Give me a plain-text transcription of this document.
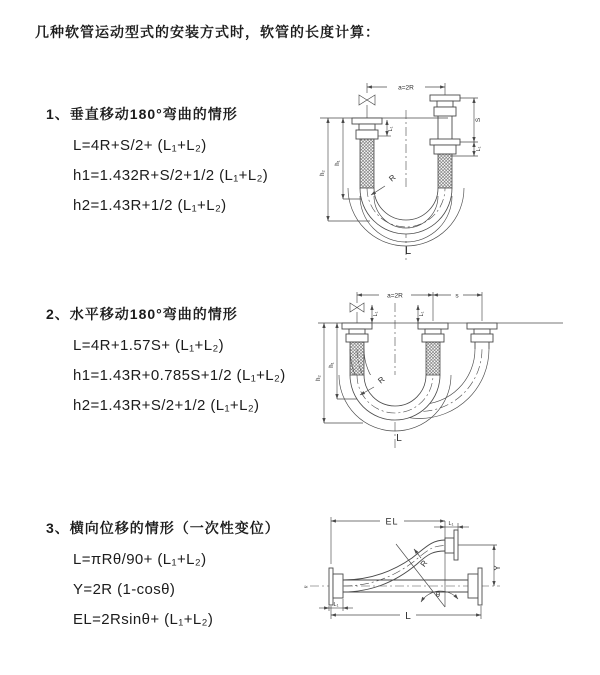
几种软管运动型式的安装方式时，软管的长度计算：
1、垂直移动180°弯曲的情形
L=4R+S/2+ (L₁+L₂)
h1=1.432R+S/2+1/2 (L₁+L₂)
h2=1.43R+1/2 (L₁+L₂)
2、水平移动180°弯曲的情形
L=4R+1.57S+ (L₁+L₂)
h1=1.43R+0.785S+1/2 (L₁+L₂)
h2=1.43R+S/2+1/2 (L₁+L₂)
3、横向位移的情形（一次性变位）
L=πRθ/90+ (L₁+L₂)
Y=2R (1-cosθ)
EL=2Rsinθ+ (L₁+L₂)
a=2R
h₁
h₂
L₁
S
L₁
R
L
a=2R	s
h₁
h₂
L₁	L₁
R
L
≈
EL	L₁
θ
Y
R
L₁
L
